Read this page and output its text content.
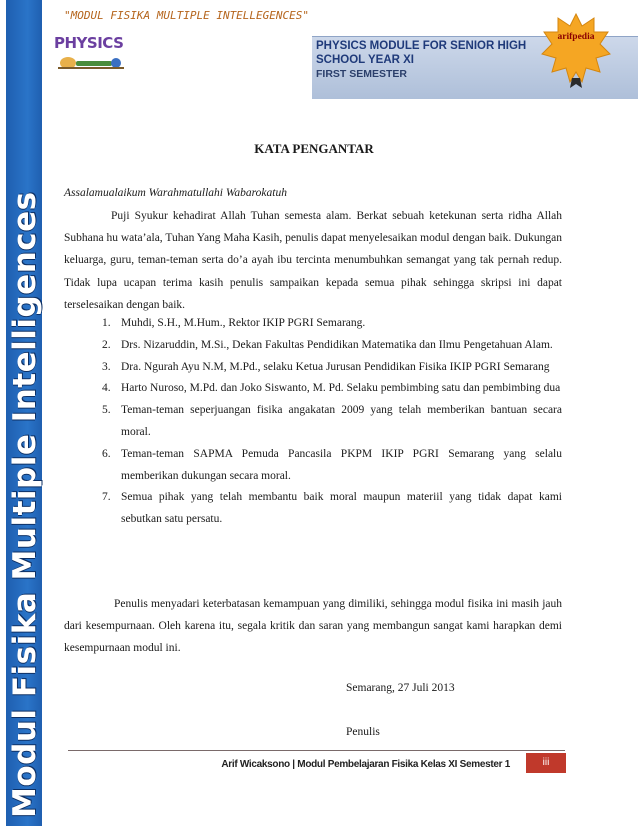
Modul Fisika Multiple Intelligences
"MODUL FISIKA MULTIPLE INTELLEGENCES"
PHYSICS	PHYSICS MODULE FOR SENIOR HIGH
SCHOOL YEAR XI
FIRST SEMESTER
arifpedia
KATA PENGANTAR
Assalamualaikum Warahmatullahi Wabarokatuh
Puji Syukur kehadirat Allah Tuhan semesta alam. Berkat sebuah ketekunan serta ridha Allah Subhana hu wata’ala, Tuhan Yang Maha Kasih, penulis dapat menyelesaikan modul dengan baik. Dukungan keluarga, guru, teman-teman serta do’a ayah ibu tercinta menumbuhkan semangat yang tak pernah redup. Tidak lupa ucapan terima kasih penulis sampaikan kepada semua pihak sehingga skripsi ini dapat terselesaikan dengan baik.
1. Muhdi, S.H., M.Hum., Rektor IKIP PGRI Semarang.
2. Drs. Nizaruddin, M.Si., Dekan Fakultas Pendidikan Matematika dan Ilmu Pengetahuan Alam.
3. Dra. Ngurah Ayu N.M, M.Pd., selaku Ketua Jurusan Pendidikan Fisika IKIP PGRI Semarang
4. Harto Nuroso, M.Pd. dan Joko Siswanto, M. Pd. Selaku pembimbing satu dan pembimbing dua
5. Teman-teman seperjuangan fisika angakatan 2009 yang telah memberikan bantuan secara moral.
6. Teman-teman SAPMA Pemuda Pancasila PKPM IKIP PGRI Semarang yang selalu memberikan dukungan secara moral.
7. Semua pihak yang telah membantu baik moral maupun materiil yang tidak dapat kami sebutkan satu persatu.
Penulis menyadari keterbatasan kemampuan yang dimiliki, sehingga modul fisika ini masih jauh dari kesempurnaan. Oleh karena itu, segala kritik dan saran yang membangun sangat kami harapkan demi kesempurnaan modul ini.
Semarang, 27 Juli 2013
Penulis
Arif Wicaksono | Modul Pembelajaran Fisika Kelas XI Semester 1	iii
